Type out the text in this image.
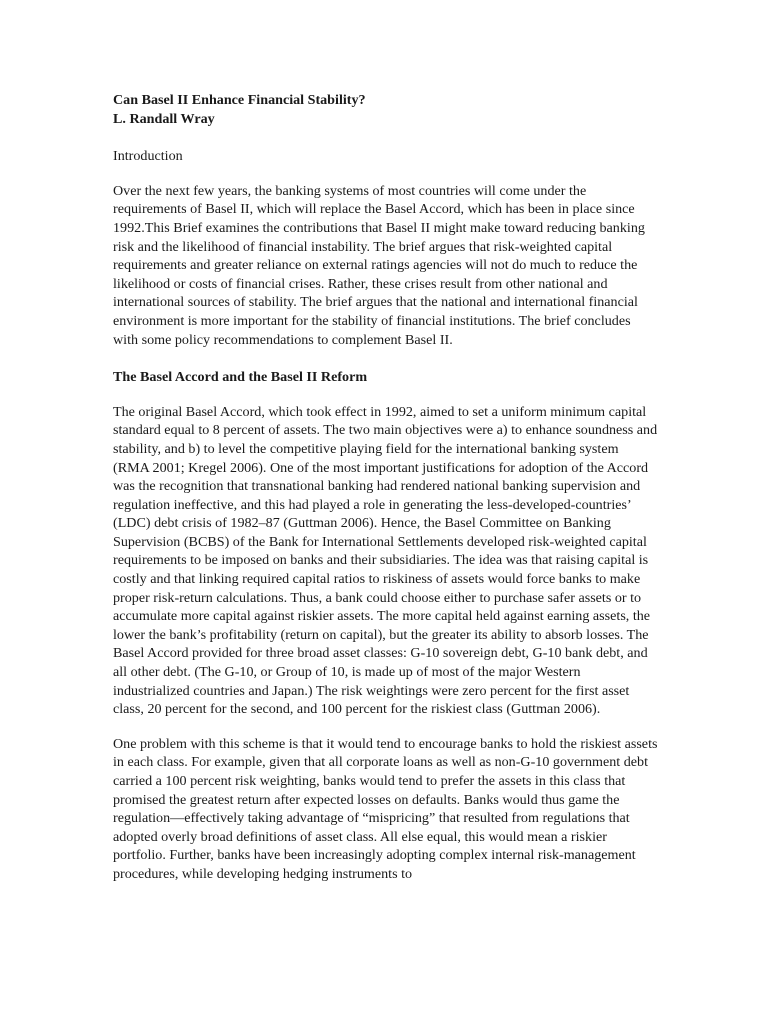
Can Basel II Enhance Financial Stability?
L. Randall Wray
Introduction

Over the next few years, the banking systems of most countries will come under the requirements of Basel II, which will replace the Basel Accord, which has been in place since 1992.This Brief examines the contributions that Basel II might make toward reducing banking risk and the likelihood of financial instability. The brief argues that risk-weighted capital requirements and greater reliance on external ratings agencies will not do much to reduce the likelihood or costs of financial crises. Rather, these crises result from other national and international sources of stability. The brief argues that the national and international financial environment is more important for the stability of financial institutions. The brief concludes with some policy recommendations to complement Basel II.

The Basel Accord and the Basel II Reform

The original Basel Accord, which took effect in 1992, aimed to set a uniform minimum capital standard equal to 8 percent of assets. The two main objectives were a) to enhance soundness and stability, and b) to level the competitive playing field for the international banking system (RMA 2001; Kregel 2006). One of the most important justifications for adoption of the Accord was the recognition that transnational banking had rendered national banking supervision and regulation ineffective, and this had played a role in generating the less-developed-countries’ (LDC) debt crisis of 1982–87 (Guttman 2006). Hence, the Basel Committee on Banking Supervision (BCBS) of the Bank for International Settlements developed risk-weighted capital requirements to be imposed on banks and their subsidiaries. The idea was that raising capital is costly and that linking required capital ratios to riskiness of assets would force banks to make proper risk-return calculations. Thus, a bank could choose either to purchase safer assets or to accumulate more capital against riskier assets. The more capital held against earning assets, the lower the bank’s profitability (return on capital), but the greater its ability to absorb losses. The Basel Accord provided for three broad asset classes: G-10 sovereign debt, G-10 bank debt, and all other debt. (The G-10, or Group of 10, is made up of most of the major Western industrialized countries and Japan.) The risk weightings were zero percent for the first asset class, 20 percent for the second, and 100 percent for the riskiest class (Guttman 2006).

One problem with this scheme is that it would tend to encourage banks to hold the riskiest assets in each class. For example, given that all corporate loans as well as non-G-10 government debt carried a 100 percent risk weighting, banks would tend to prefer the assets in this class that promised the greatest return after expected losses on defaults. Banks would thus game the regulation—effectively taking advantage of “mispricing” that resulted from regulations that adopted overly broad definitions of asset class. All else equal, this would mean a riskier portfolio. Further, banks have been increasingly adopting complex internal risk-management procedures, while developing hedging instruments to
